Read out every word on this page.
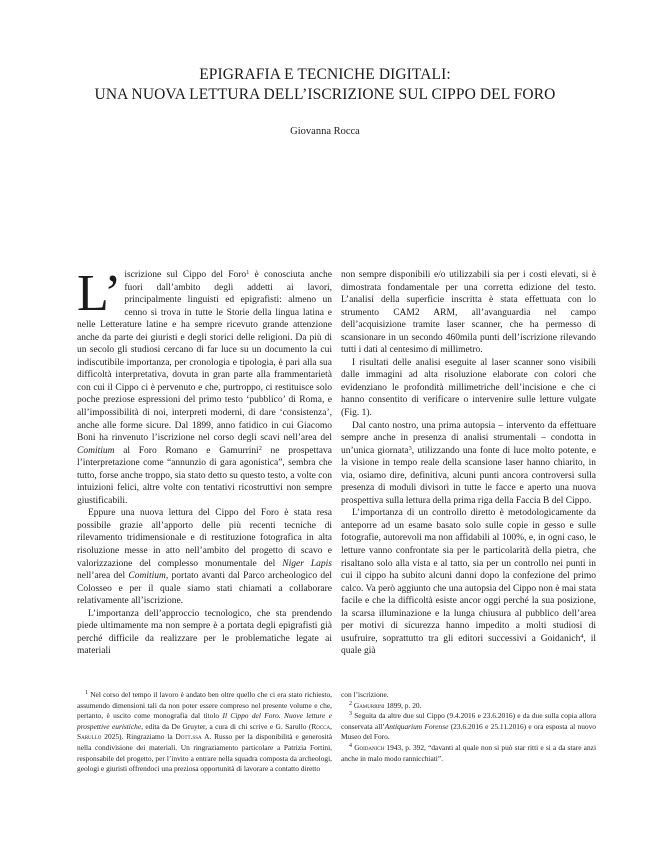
EPIGRAFIA E TECNICHE DIGITALI:
UNA NUOVA LETTURA DELL’ISCRIZIONE SUL CIPPO DEL FORO
Giovanna Rocca

L’ iscrizione sul Cippo del Foro$^1$ è conosciuta anche fuori dall’ambito degli addetti ai lavori, principalmente linguisti ed epigrafisti: almeno un cenno si trova in tutte le Storie della lingua latina e nelle Letterature latine e ha sempre ricevuto grande attenzione anche da parte dei giuristi e degli storici delle religioni. Da più di un secolo gli studiosi cercano di far luce su un documento la cui indiscutibile importanza, per cronologia e tipologia, è pari alla sua difficoltà interpretativa, dovuta in gran parte alla frammentarietà con cui il Cippo ci è pervenuto e che, purtroppo, ci restituisce solo poche preziose espressioni del primo testo ‘pubblico’ di Roma, e all’impossibilità di noi, interpreti moderni, di dare ‘consistenza’, anche alle forme sicure. Dal 1899, anno fatidico in cui Giacomo Boni ha rinvenuto l’iscrizione nel corso degli scavi nell’area del Comitium al Foro Romano e Gamurrini$^2$ ne prospettava l’interpretazione come “annunzio di gara agonistica”, sembra che tutto, forse anche troppo, sia stato detto su questo testo, a volte con intuizioni felici, altre volte con tentativi ricostruttivi non sempre giustificabili.

Eppure una nuova lettura del Cippo del Foro è stata resa possibile grazie all’apporto delle più recenti tecniche di rilevamento tridimensionale e di restituzione fotografica in alta risoluzione messe in atto nell’ambito del progetto di scavo e valorizzazione del complesso monumentale del Niger Lapis nell’area del Comitium, portato avanti dal Parco archeologico del Colosseo e per il quale siamo stati chiamati a collaborare relativamente all’iscrizione.

L’importanza dell’approccio tecnologico, che sta prendendo piede ultimamente ma non sempre è a portata degli epigrafisti già perché difficile da realizzare per le problematiche legate ai materiali

non sempre disponibili e/o utilizzabili sia per i costi elevati, si è dimostrata fondamentale per una corretta edizione del testo. L’analisi della superficie inscritta è stata effettuata con lo strumento CAM2 ARM, all’avanguardia nel campo dell’acquisizione tramite laser scanner, che ha permesso di scansionare in un secondo 460mila punti dell’iscrizione rilevando tutti i dati al centesimo di millimetro.

I risultati delle analisi eseguite al laser scanner sono visibili dalle immagini ad alta risoluzione elaborate con colori che evidenziano le profondità millimetriche dell’incisione e che ci hanno consentito di verificare o intervenire sulle letture vulgate (Fig. 1).

Dal canto nostro, una prima autopsia – intervento da effettuare sempre anche in presenza di analisi strumentali – condotta in un’unica giornata$^3$, utilizzando una fonte di luce molto potente, e la visione in tempo reale della scansione laser hanno chiarito, in via, osiamo dire, definitiva, alcuni punti ancora controversi sulla presenza di moduli divisori in tutte le facce e aperto una nuova prospettiva sulla lettura della prima riga della Faccia B del Cippo.

L’importanza di un controllo diretto è metodologicamente da anteporre ad un esame basato solo sulle copie in gesso e sulle fotografie, autorevoli ma non affidabili al 100%, e, in ogni caso, le letture vanno confrontate sia per le particolarità della pietra, che risaltano solo alla vista e al tatto, sia per un controllo nei punti in cui il cippo ha subito alcuni danni dopo la confezione del primo calco. Va però aggiunto che una autopsia del Cippo non è mai stata facile e che la difficoltà esiste ancor oggi perché la sua posizione, la scarsa illuminazione e la lunga chiusura al pubblico dell’area per motivi di sicurezza hanno impedito a molti studiosi di usufruire, soprattutto tra gli editori successivi a Goidanich$^4$, il quale già

$^1$ Nel corso del tempo il lavoro è andato ben oltre quello che ci era stato richiesto, assumendo dimensioni tali da non poter essere compreso nel presente volume e che, pertanto, è uscito come monografia dal titolo Il Cippo del Foro. Nuove letture e prospettive euristiche, edita da De Gruyter, a cura di chi scrive e G. Sarullo (Rocca, Sarullo 2025). Ringraziamo la Dott.ssa A. Russo per la disponibilità e generosità nella condivisione dei materiali. Un ringraziamento particolare a Patrizia Fortini, responsabile del progetto, per l’invito a entrare nella squadra composta da archeologi, geologi e giuristi offrendoci una preziosa opportunità di lavorare a contatto diretto

con l’iscrizione.

$^2$ Gamurrini 1899, p. 20.

$^3$ Seguita da altre due sul Cippo (9.4.2016 e 23.6.2016) e da due sulla copia allora conservata all’Antiquarium Forense (23.6.2016 e 25.11.2016) e ora esposta al nuovo Museo del Foro.

$^4$ Goidanich 1943, p. 392, “davanti al quale non si può star ritti e si a da stare anzi anche in malo modo rannicchiati”.
